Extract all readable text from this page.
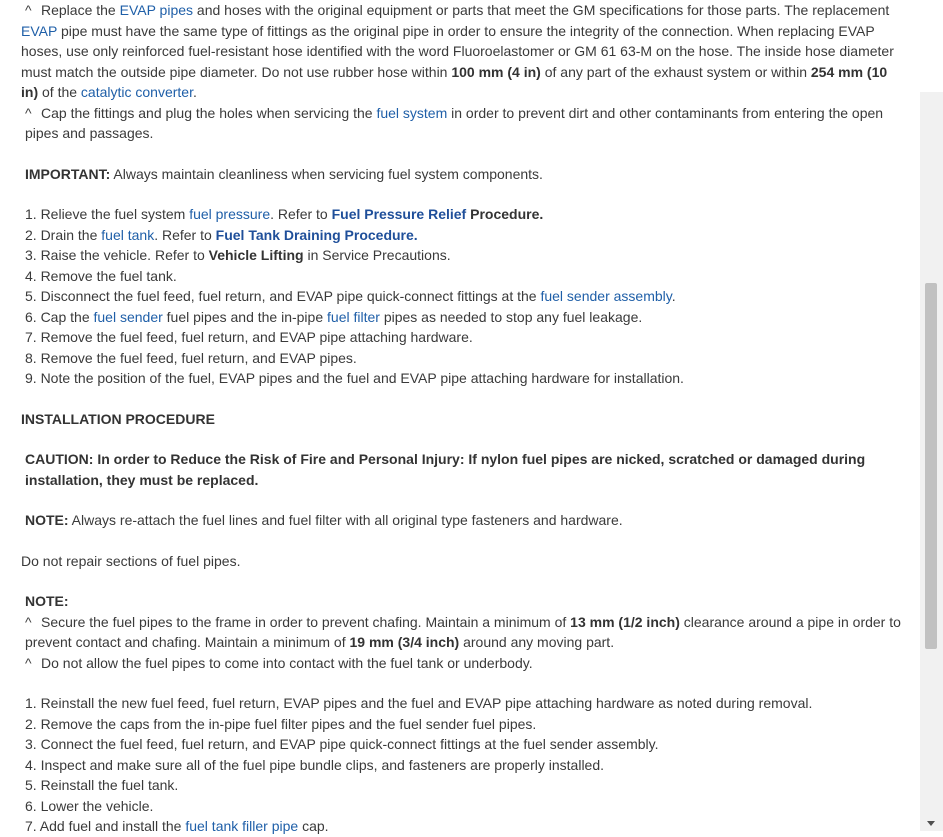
^ Replace the EVAP pipes and hoses with the original equipment or parts that meet the GM specifications for those parts. The replacement

EVAP pipe must have the same type of fittings as the original pipe in order to ensure the integrity of the connection. When replacing EVAP hoses, use only reinforced fuel-resistant hose identified with the word Fluoroelastomer or GM 61 63-M on the hose. The inside hose diameter must match the outside pipe diameter. Do not use rubber hose within 100 mm (4 in) of any part of the exhaust system or within 254 mm (10 in) of the catalytic converter.

^ Cap the fittings and plug the holes when servicing the fuel system in order to prevent dirt and other contaminants from entering the open pipes and passages.

IMPORTANT: Always maintain cleanliness when servicing fuel system components.

1. Relieve the fuel system fuel pressure. Refer to Fuel Pressure Relief Procedure.

2. Drain the fuel tank. Refer to Fuel Tank Draining Procedure.

3. Raise the vehicle. Refer to Vehicle Lifting in Service Precautions.

4. Remove the fuel tank.

5. Disconnect the fuel feed, fuel return, and EVAP pipe quick-connect fittings at the fuel sender assembly.

6. Cap the fuel sender fuel pipes and the in-pipe fuel filter pipes as needed to stop any fuel leakage.

7. Remove the fuel feed, fuel return, and EVAP pipe attaching hardware.

8. Remove the fuel feed, fuel return, and EVAP pipes.

9. Note the position of the fuel, EVAP pipes and the fuel and EVAP pipe attaching hardware for installation.

INSTALLATION PROCEDURE

CAUTION: In order to Reduce the Risk of Fire and Personal Injury: If nylon fuel pipes are nicked, scratched or damaged during installation, they must be replaced.

NOTE: Always re-attach the fuel lines and fuel filter with all original type fasteners and hardware.

Do not repair sections of fuel pipes.

NOTE:

^ Secure the fuel pipes to the frame in order to prevent chafing. Maintain a minimum of 13 mm (1/2 inch) clearance around a pipe in order to prevent contact and chafing. Maintain a minimum of 19 mm (3/4 inch) around any moving part.

^ Do not allow the fuel pipes to come into contact with the fuel tank or underbody.

1. Reinstall the new fuel feed, fuel return, EVAP pipes and the fuel and EVAP pipe attaching hardware as noted during removal.

2. Remove the caps from the in-pipe fuel filter pipes and the fuel sender fuel pipes.

3. Connect the fuel feed, fuel return, and EVAP pipe quick-connect fittings at the fuel sender assembly.

4. Inspect and make sure all of the fuel pipe bundle clips, and fasteners are properly installed.

5. Reinstall the fuel tank.

6. Lower the vehicle.

7. Add fuel and install the fuel tank filler pipe cap.
